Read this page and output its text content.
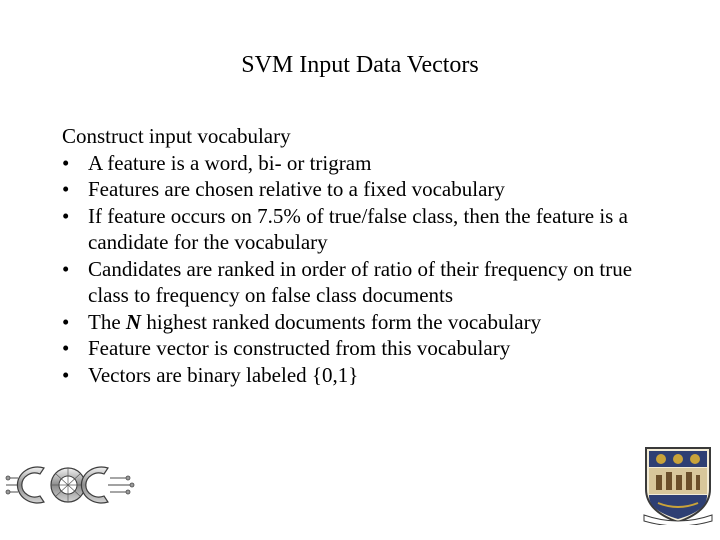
SVM Input Data Vectors

Construct input vocabulary

• A feature is a word, bi- or trigram
• Features are chosen relative to a fixed vocabulary
• If feature occurs on 7.5% of true/false class, then the feature is a candidate for the vocabulary
• Candidates are ranked in order of ratio of their frequency on true class to frequency on false class documents
• The N highest ranked documents form the vocabulary
• Feature vector is constructed from this vocabulary
• Vectors are binary labeled {0,1}
